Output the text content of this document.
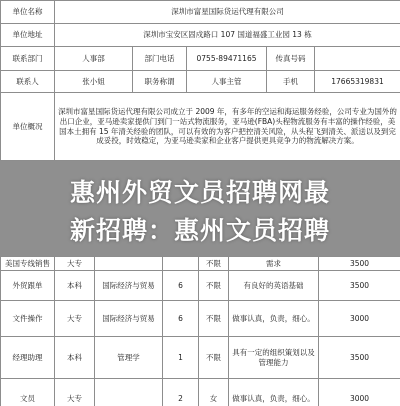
单位名称	深圳市富星国际货运代理有限公司				
单位地址	深圳市宝安区固戍路口 107 国道福盛工业园 13 栋				
联系部门	人事部	部门电话	0755-89471165	传真号码	
联系人	张小姐	职务称谓	人事主管	手机	17665319831
单位概况	深圳市富星国际货运代理有限公司成立于 2009 年，有多年的空运和海运服务经验，公司专业为国外的出口企业，亚马逊卖家提供门到门一站式物流服务，亚马逊(FBA)头程物流服务有丰富的操作经验，美国本土拥有 15 年清关经验的团队，可以有效的为客户把控清关风险，从头程飞到清关、派送以及到完成妥投，时效稳定，为亚马逊卖家和企业客户提供更具竞争力的物流解决方案。				
惠州外贸文员招聘网最
新招聘：惠州文员招聘
美国专线销售	大专			不限	需求	3500
外贸跟单	本科	国际经济与贸易	6	不限	有良好的英语基础	3500
文件操作	大专	国际经济与贸易	6	不限	做事认真，负责，细心。	3000
经理助理	本科	管理学	1	不限	具有一定的组织策划以及管理能力	3500
文员	大专		2	女	做事认真，负责，细心。	3000
